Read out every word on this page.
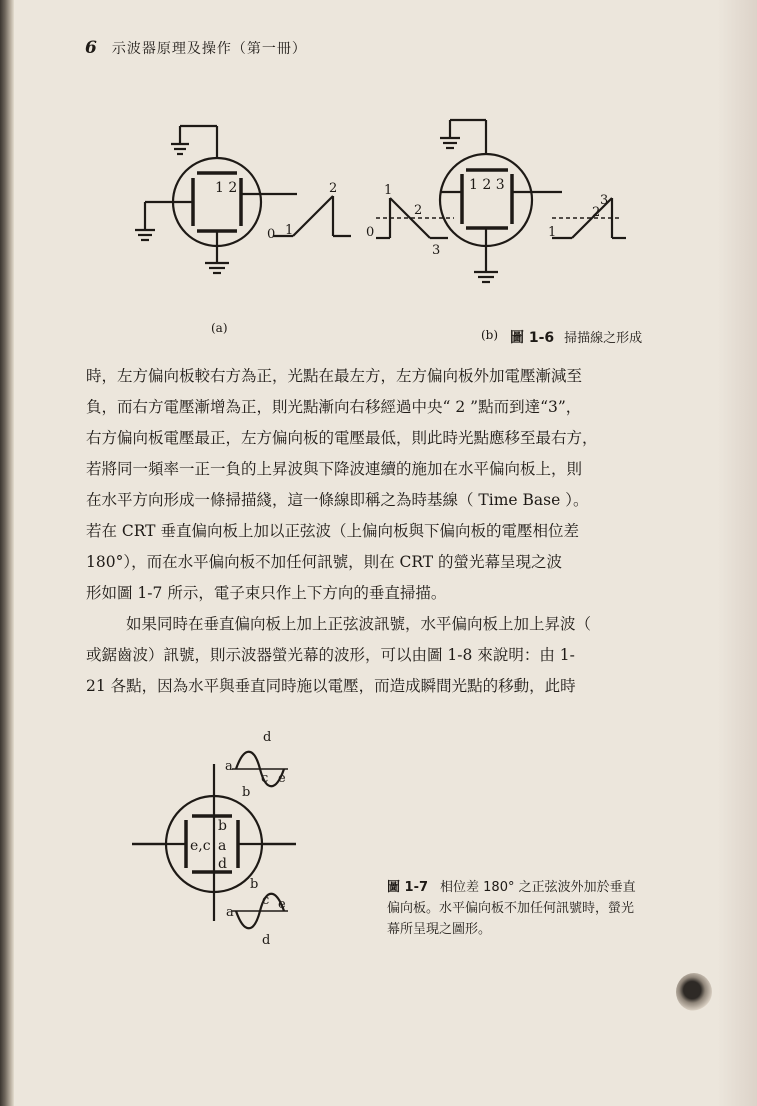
6 示波器原理及操作（第一冊）
1 2
0 1
2	1 2 3
1
2
0
3
1
2
3
(a)	(b) 圖 1-6 掃描線之形成

時，左方偏向板較右方為正，光點在最左方，左方偏向板外加電壓漸減至
負，而右方電壓漸增為正，則光點漸向右移經過中央“ 2 ”點而到達“3”，
右方偏向板電壓最正，左方偏向板的電壓最低，則此時光點應移至最右方，
若將同一頻率一正一負的上昇波與下降波連續的施加在水平偏向板上，則
在水平方向形成一條掃描綫，這一條線即稱之為時基線（ Time Base ）。
若在 CRT 垂直偏向板上加以正弦波（上偏向板與下偏向板的電壓相位差
180°），而在水平偏向板不加任何訊號，則在 CRT 的螢光幕呈現之波
形如圖 1-7 所示，電子束只作上下方向的垂直掃描。

如果同時在垂直偏向板上加上正弦波訊號，水平偏向板上加上昇波（
或鋸齒波）訊號，則示波器螢光幕的波形，可以由圖 1-8 來說明：由 1-
21 各點，因為水平與垂直同時施以電壓，而造成瞬間光點的移動，此時

b
e,c a
d
d
a
c
b
e
b
a
c e
d
圖 1-7 相位差 180° 之正弦波外加於垂直
偏向板。水平偏向板不加任何訊號時，螢光
幕所呈現之圖形。
